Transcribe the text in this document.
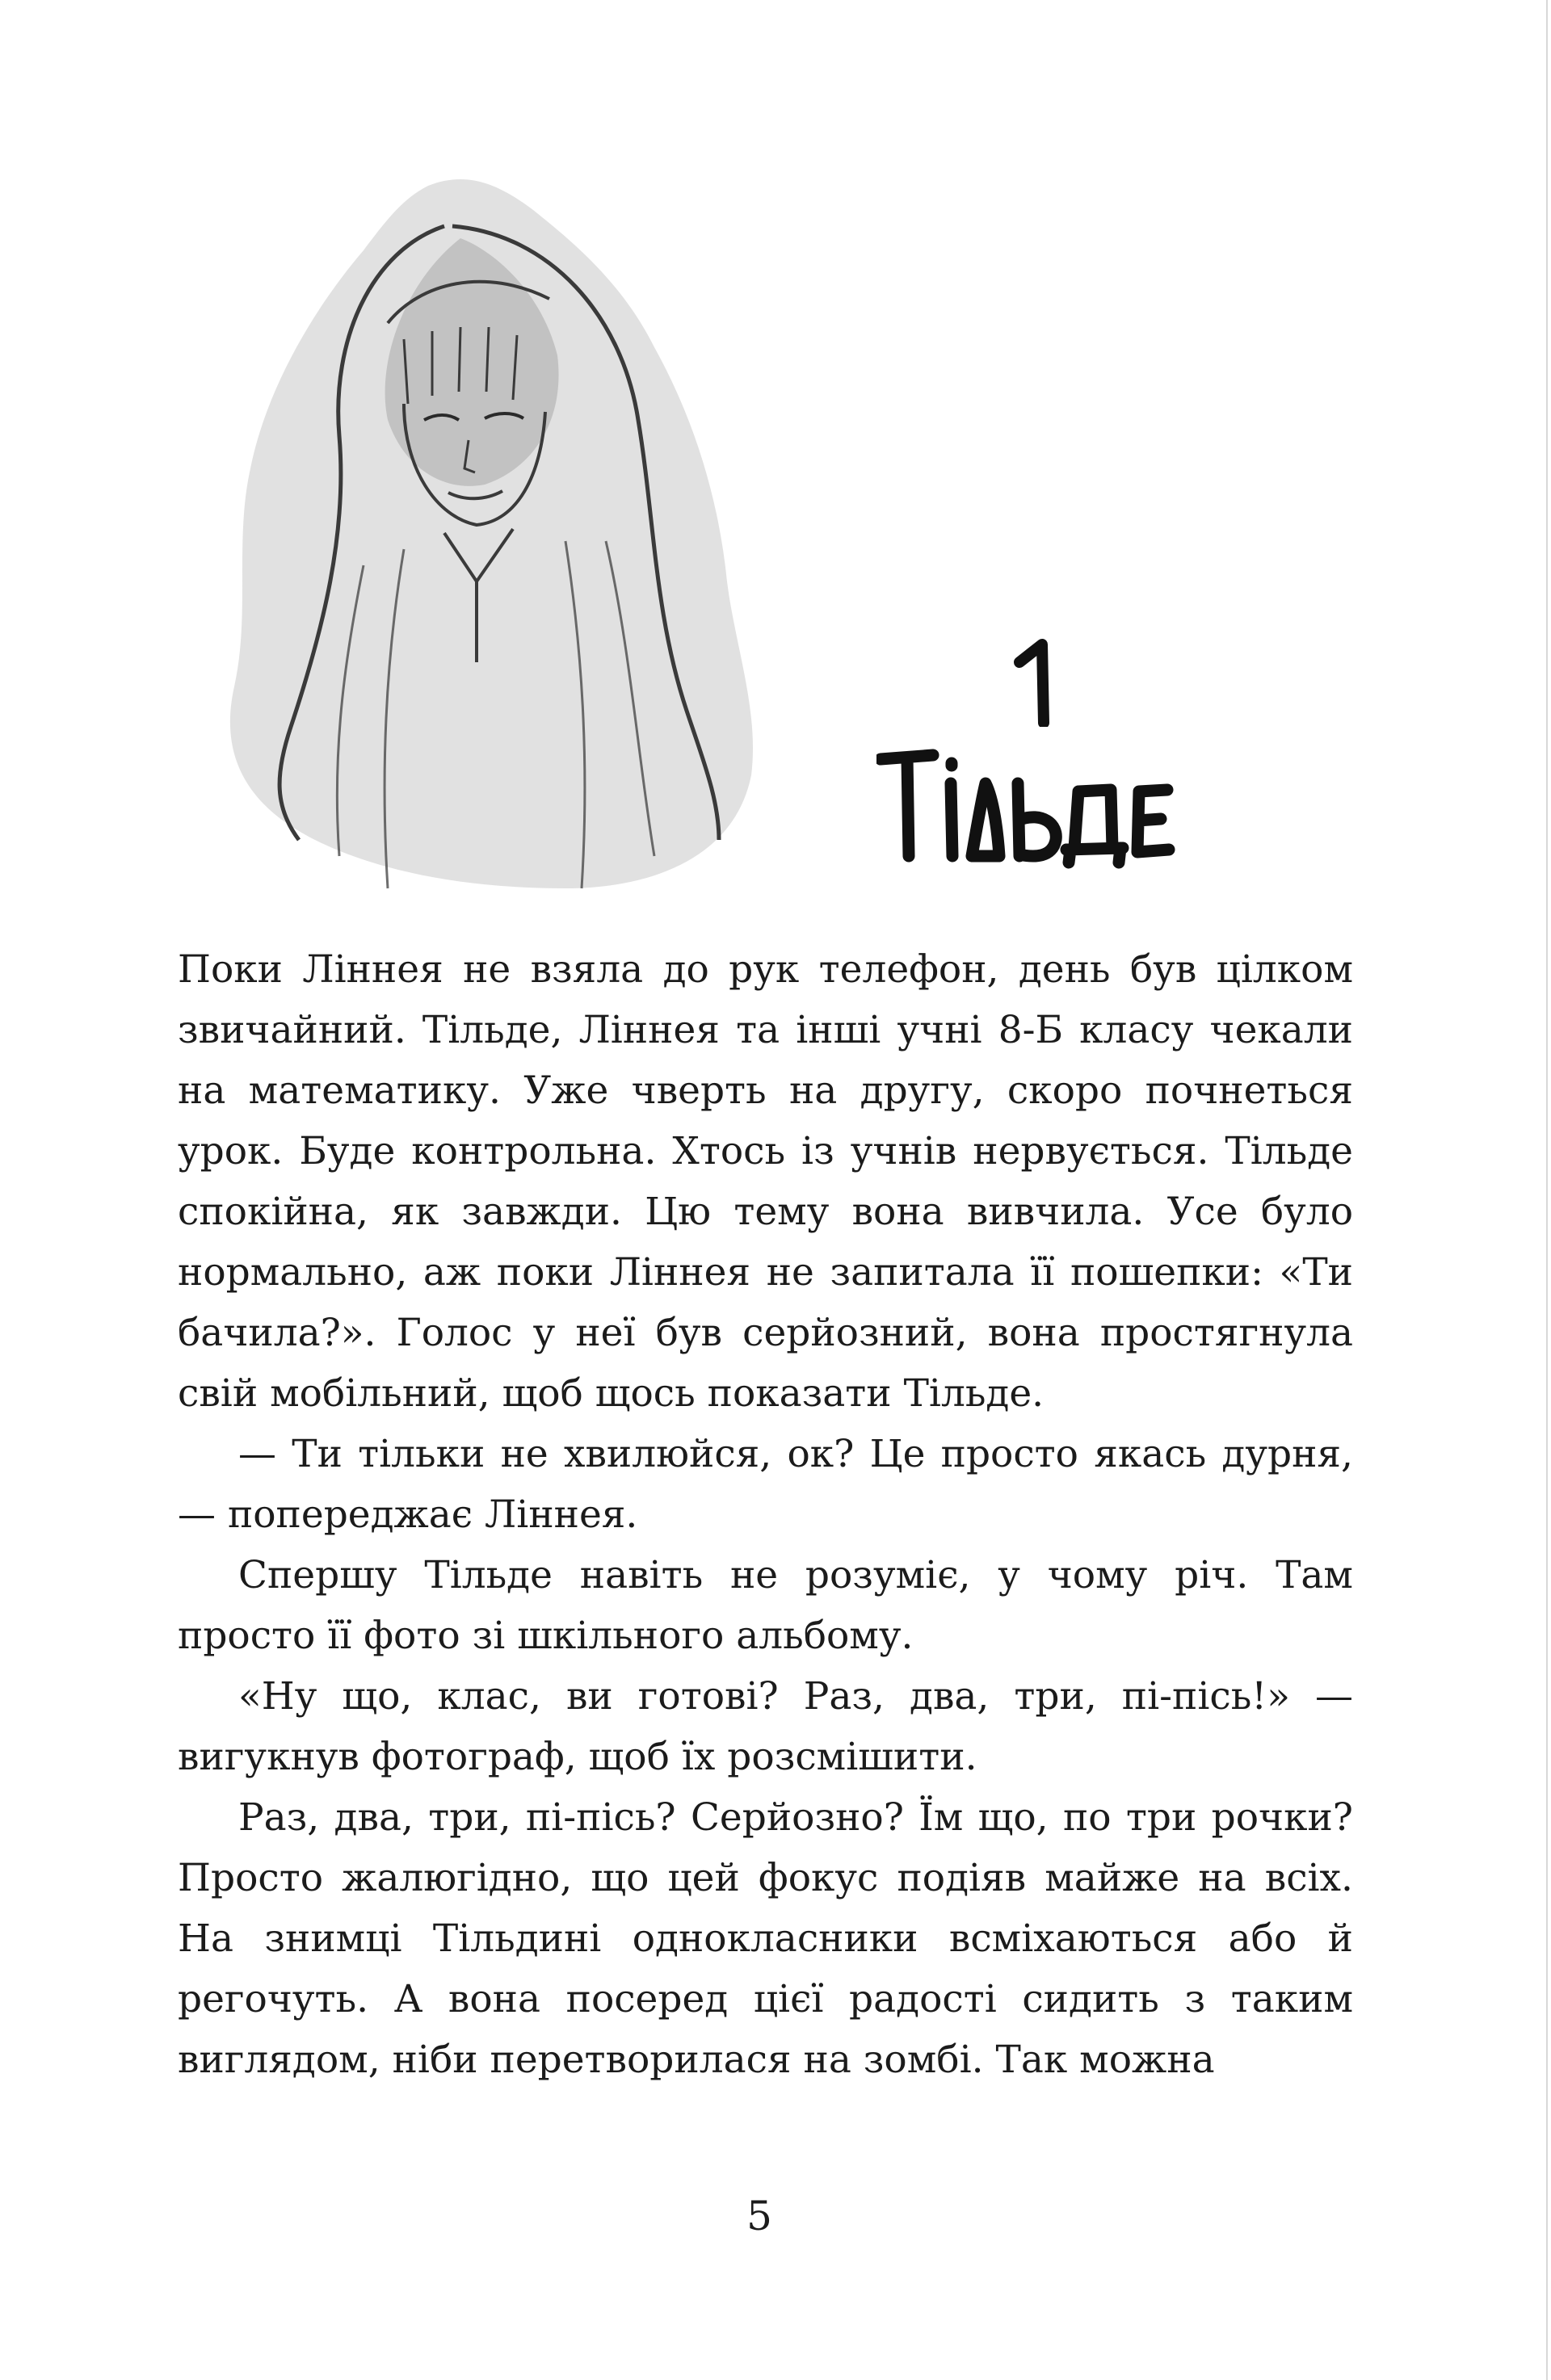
Поки Ліннея не взяла до рук телефон, день був цілком звичайний. Тільде, Ліннея та інші учні 8-Б класу чекали на математику. Уже чверть на другу, скоро почнеться урок. Буде контрольна. Хтось із учнів нервується. Тільде спокійна, як завжди. Цю тему вона вивчила. Усе було нормально, аж поки Ліннея не запитала її пошепки: «Ти бачила?». Голос у неї був серйозний, вона простягнула свій мобільний, щоб щось показати Тільде.

— Ти тільки не хвилюйся, ок? Це просто якась дурня, — попереджає Ліннея.

Спершу Тільде навіть не розуміє, у чому річ. Там просто її фото зі шкільного альбому.

«Ну що, клас, ви готові? Раз, два, три, пі-пісь!» — вигукнув фотограф, щоб їх розсмішити.

Раз, два, три, пі-пісь? Серйозно? Їм що, по три рочки? Просто жалюгідно, що цей фокус подіяв майже на всіх. На знимці Тільдині однокласники всміхаються або й регочуть. А вона посеред цієї радості сидить з таким виглядом, ніби перетворилася на зомбі. Так можна

5
